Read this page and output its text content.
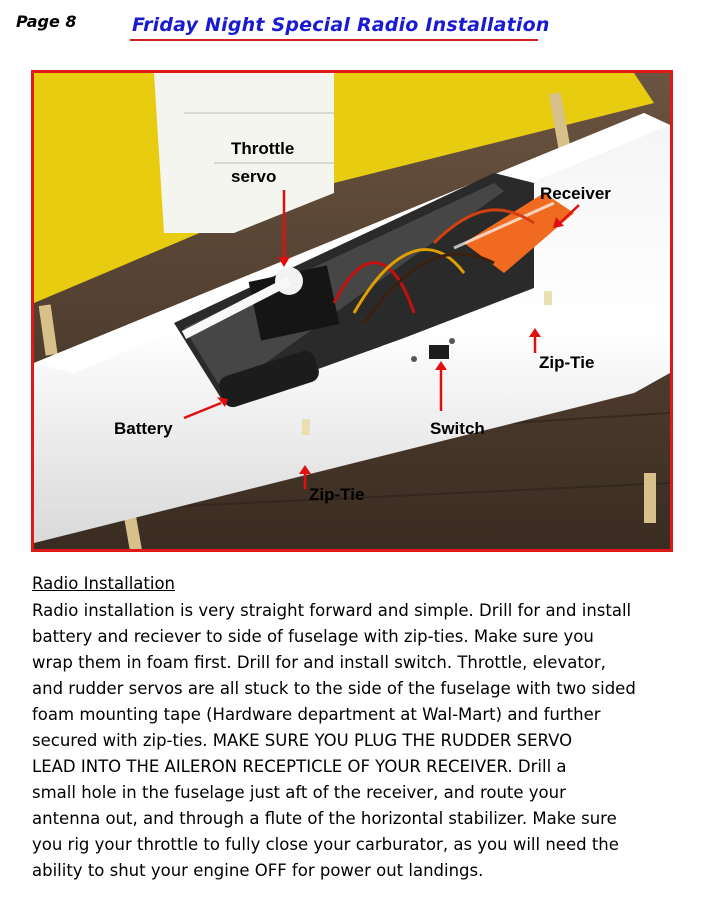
Page 8	Friday Night Special Radio Installation
Throttle
servo
Receiver
Zip-Tie
Battery	Switch
Zip-Tie
Radio Installation
Radio installation is very straight forward and simple. Drill for and install
battery and reciever to side of fuselage with zip-ties. Make sure you
wrap them in foam first. Drill for and install switch. Throttle, elevator,
and rudder servos are all stuck to the side of the fuselage with two sided
foam mounting tape (Hardware department at Wal-Mart) and further
secured with zip-ties. MAKE SURE YOU PLUG THE RUDDER SERVO
LEAD INTO THE AILERON RECEPTICLE OF YOUR RECEIVER. Drill a
small hole in the fuselage just aft of the receiver, and route your
antenna out, and through a flute of the horizontal stabilizer. Make sure
you rig your throttle to fully close your carburator, as you will need the
ability to shut your engine OFF for power out landings.
